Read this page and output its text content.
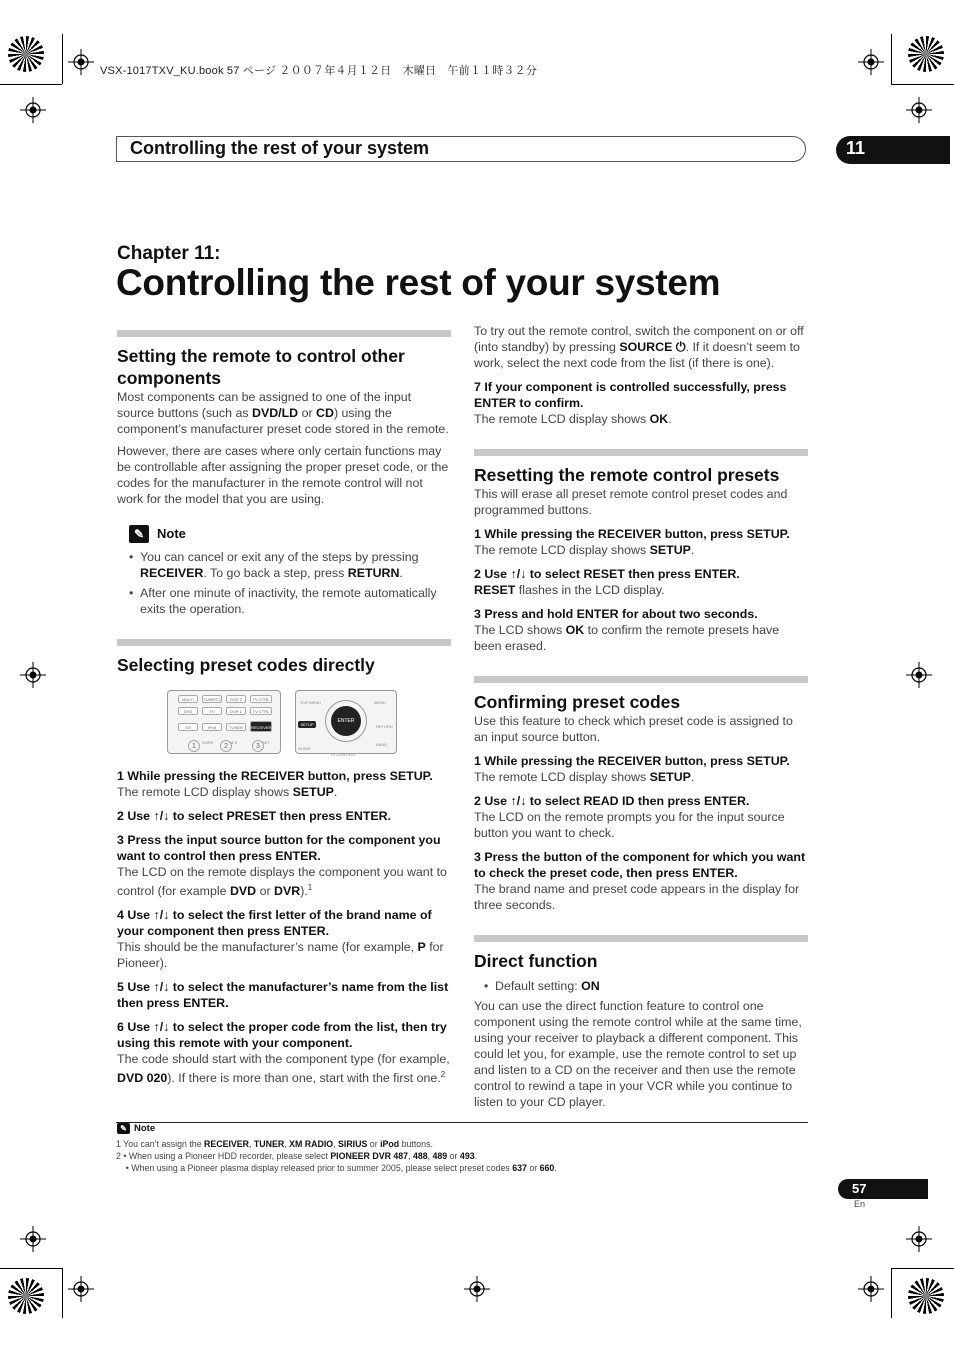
VSX-1017TXV_KU.book 57 ページ ２００７年４月１２日　木曜日　午前１１時３２分
Controlling the rest of your system	11
Chapter 11:
Controlling the rest of your system
Setting the remote to control other
components

Most components can be assigned to one of the input source buttons (such as DVD/LD or CD) using the component’s manufacturer preset code stored in the remote.

However, there are cases where only certain functions may be controllable after assigning the proper preset code, or the codes for the manufacturer in the remote control will not work for the model that you are using.

✎ Note
• You can cancel or exit any of the steps by pressing RECEIVER. To go back a step, press RETURN.
• After one minute of inactivity, the remote automatically exits the operation.
Selecting preset codes directly
MULTI	TUNER 2	DVD 2	TV CTRL
DVD	TV	DVR 1	TV CTRL
CD	iPod	TUNER	RECEIVER
SURR	M.S	SET
1	2	3
TOP MENU	MENU
ENTER
SETUP	RETURN
GUIDE
BAND
TV CONTROL

1 While pressing the RECEIVER button, press SETUP.

The remote LCD display shows SETUP.

2 Use ↑/↓ to select PRESET then press ENTER.

3 Press the input source button for the component you want to control then press ENTER.

The LCD on the remote displays the component you want to control (for example DVD or DVR).$^1$

4 Use ↑/↓ to select the first letter of the brand name of your component then press ENTER.

This should be the manufacturer’s name (for example, P for Pioneer).

5 Use ↑/↓ to select the manufacturer’s name from the list then press ENTER.

6 Use ↑/↓ to select the proper code from the list, then try using this remote with your component.

The code should start with the component type (for example, DVD 020). If there is more than one, start with the first one.$^2$

To try out the remote control, switch the component on or off (into standby) by pressing SOURCE ⏻. If it doesn’t seem to work, select the next code from the list (if there is one).

7 If your component is controlled successfully, press ENTER to confirm.

The remote LCD display shows OK.

Resetting the remote control presets

This will erase all preset remote control preset codes and programmed buttons.

1 While pressing the RECEIVER button, press SETUP.

The remote LCD display shows SETUP.

2 Use ↑/↓ to select RESET then press ENTER.

RESET flashes in the LCD display.

3 Press and hold ENTER for about two seconds.

The LCD shows OK to confirm the remote presets have been erased.

Confirming preset codes

Use this feature to check which preset code is assigned to an input source button.

1 While pressing the RECEIVER button, press SETUP.

The remote LCD display shows SETUP.

2 Use ↑/↓ to select READ ID then press ENTER.

The LCD on the remote prompts you for the input source button you want to check.

3 Press the button of the component for which you want to check the preset code, then press ENTER.

The brand name and preset code appears in the display for three seconds.

Direct function
• Default setting: ON

You can use the direct function feature to control one component using the remote control while at the same time, using your receiver to playback a different component. This could let you, for example, use the remote control to set up and listen to a CD on the receiver and then use the remote control to rewind a tape in your VCR while you continue to listen to your CD player.

✎ Note
1 You can’t assign the RECEIVER, TUNER, XM RADIO, SIRIUS or iPod buttons.
2 • When using a Pioneer HDD recorder, please select PIONEER DVR 487, 488, 489 or 493.
• When using a Pioneer plasma display released prior to summer 2005, please select preset codes 637 or 660.
57
En
